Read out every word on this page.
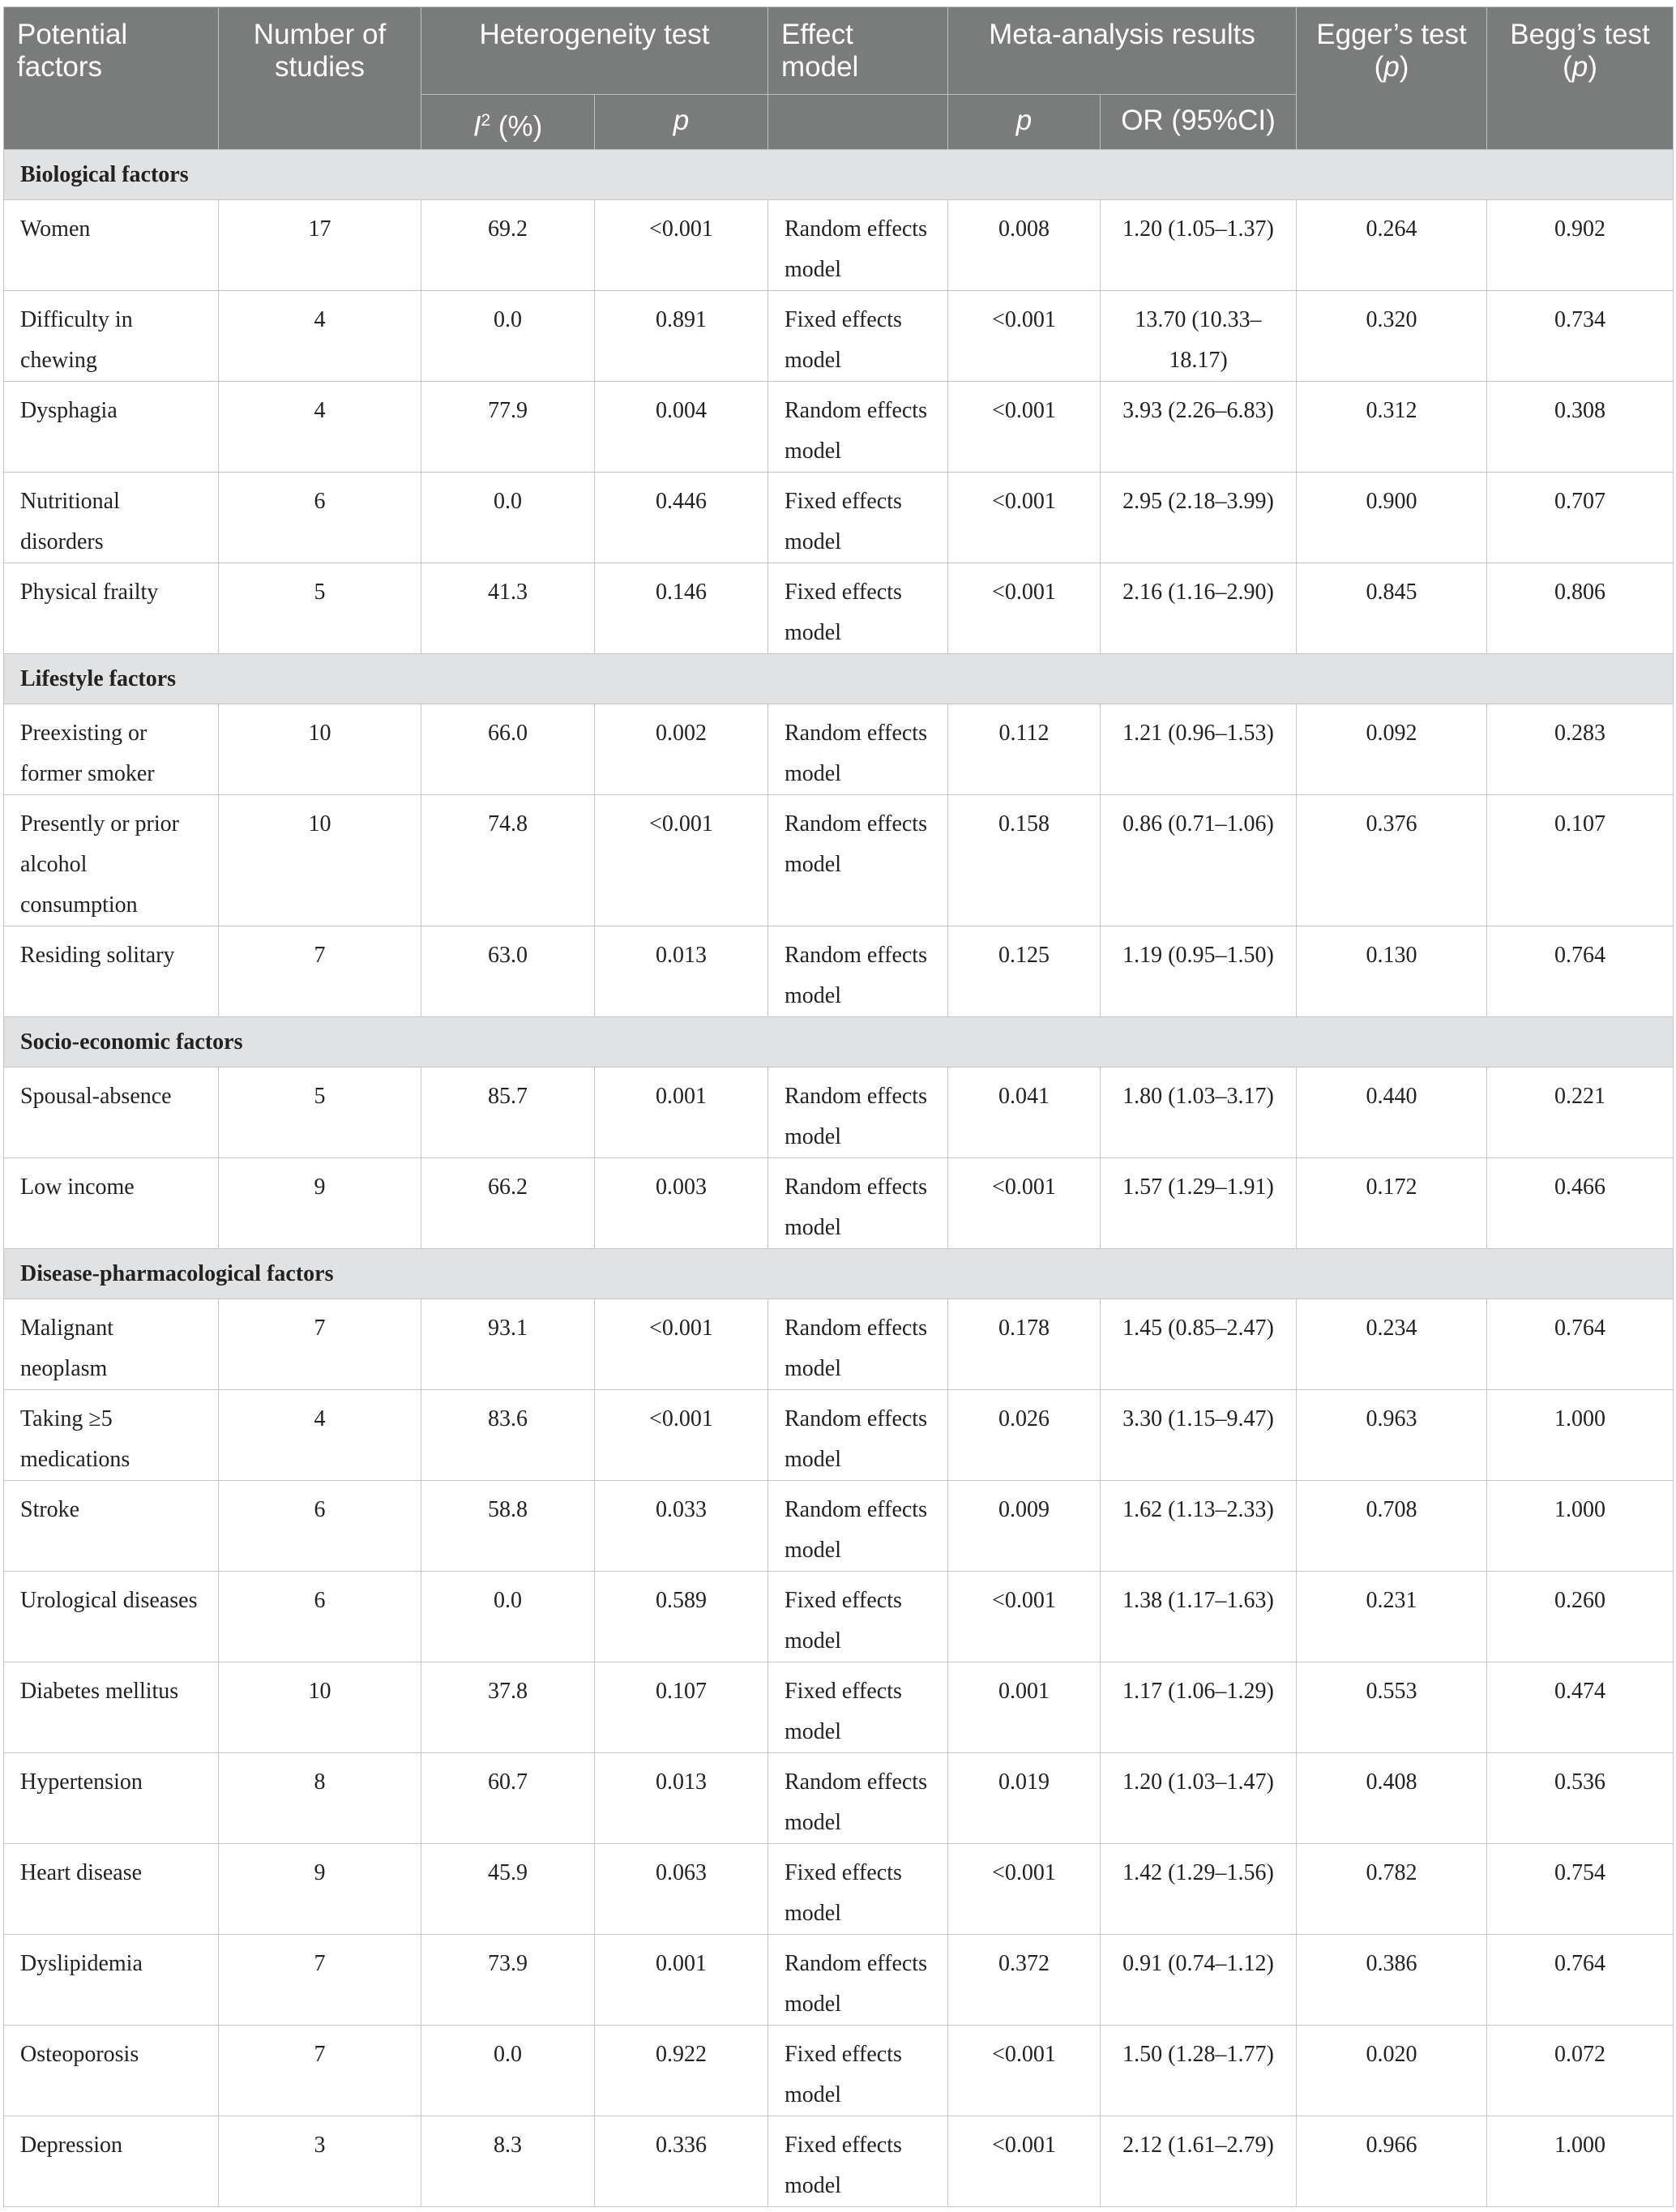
Potential factors	Number of studies	Heterogeneity test		Effect model	Meta-analysis results		Egger’s test (p)	Begg’s test (p)
		$I^2$ (%)	p		p	OR (95%CI)		
Biological factors								
Women	17	69.2	<0.001	Random effects model	0.008	1.20 (1.05–1.37)	0.264	0.902
Difficulty in chewing	4	0.0	0.891	Fixed effects model	<0.001	13.70 (10.33–18.17)	0.320	0.734
Dysphagia	4	77.9	0.004	Random effects model	<0.001	3.93 (2.26–6.83)	0.312	0.308
Nutritional disorders	6	0.0	0.446	Fixed effects model	<0.001	2.95 (2.18–3.99)	0.900	0.707
Physical frailty	5	41.3	0.146	Fixed effects model	<0.001	2.16 (1.16–2.90)	0.845	0.806
Lifestyle factors								
Preexisting or former smoker	10	66.0	0.002	Random effects model	0.112	1.21 (0.96–1.53)	0.092	0.283
Presently or prior alcohol consumption	10	74.8	<0.001	Random effects model	0.158	0.86 (0.71–1.06)	0.376	0.107
Residing solitary	7	63.0	0.013	Random effects model	0.125	1.19 (0.95–1.50)	0.130	0.764
Socio-economic factors								
Spousal-absence	5	85.7	0.001	Random effects model	0.041	1.80 (1.03–3.17)	0.440	0.221
Low income	9	66.2	0.003	Random effects model	<0.001	1.57 (1.29–1.91)	0.172	0.466
Disease-pharmacological factors								
Malignant neoplasm	7	93.1	<0.001	Random effects model	0.178	1.45 (0.85–2.47)	0.234	0.764
Taking ≥5 medications	4	83.6	<0.001	Random effects model	0.026	3.30 (1.15–9.47)	0.963	1.000
Stroke	6	58.8	0.033	Random effects model	0.009	1.62 (1.13–2.33)	0.708	1.000
Urological diseases	6	0.0	0.589	Fixed effects model	<0.001	1.38 (1.17–1.63)	0.231	0.260
Diabetes mellitus	10	37.8	0.107	Fixed effects model	0.001	1.17 (1.06–1.29)	0.553	0.474
Hypertension	8	60.7	0.013	Random effects model	0.019	1.20 (1.03–1.47)	0.408	0.536
Heart disease	9	45.9	0.063	Fixed effects model	<0.001	1.42 (1.29–1.56)	0.782	0.754
Dyslipidemia	7	73.9	0.001	Random effects model	0.372	0.91 (0.74–1.12)	0.386	0.764
Osteoporosis	7	0.0	0.922	Fixed effects model	<0.001	1.50 (1.28–1.77)	0.020	0.072
Depression	3	8.3	0.336	Fixed effects model	<0.001	2.12 (1.61–2.79)	0.966	1.000
